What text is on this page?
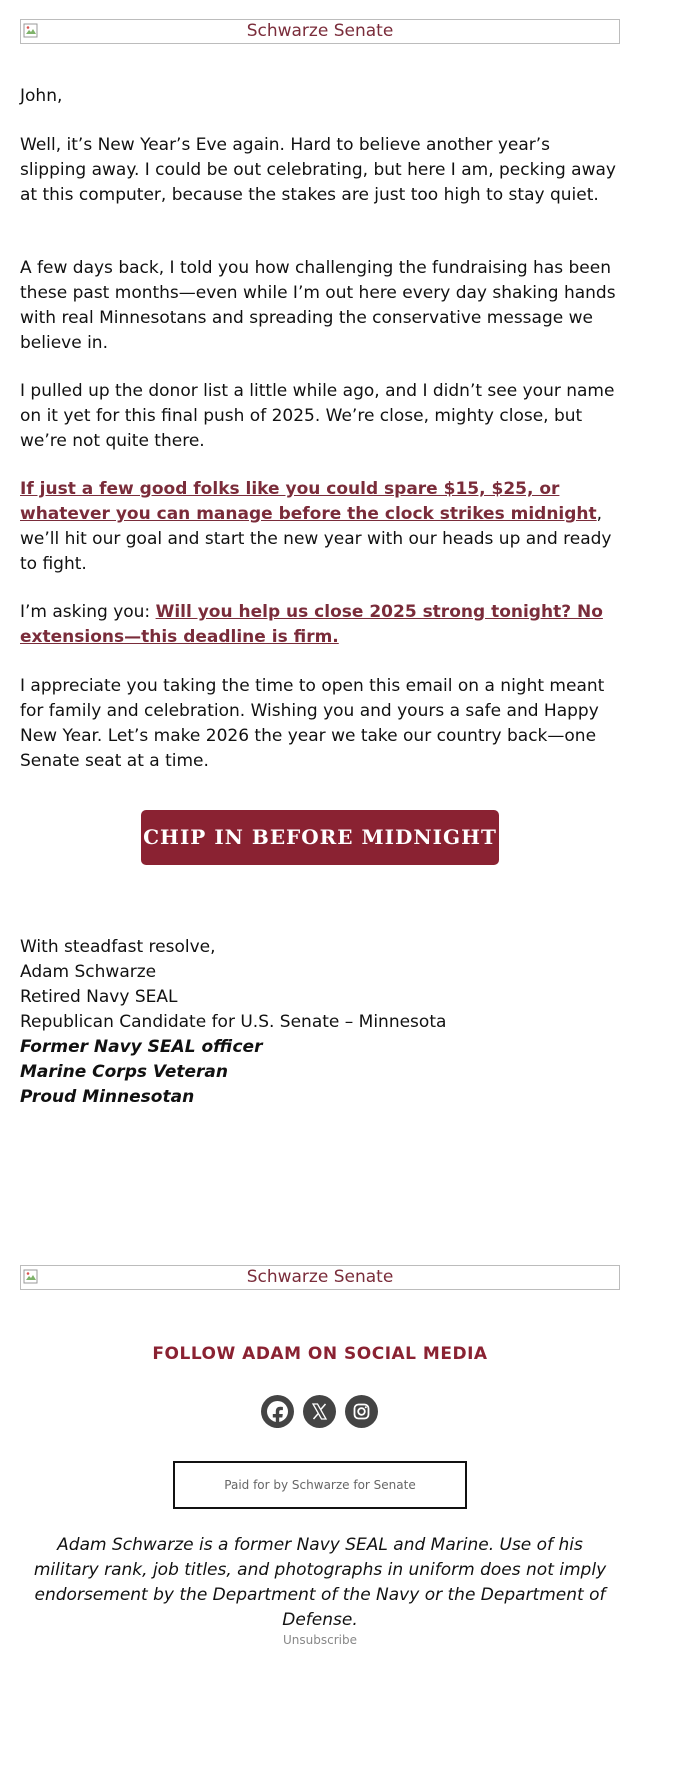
Schwarze Senate

John,

Well, it’s New Year’s Eve again. Hard to believe another year’s slipping away. I could be out celebrating, but here I am, pecking away at this computer, because the stakes are just too high to stay quiet.

A few days back, I told you how challenging the fundraising has been these past months—even while I’m out here every day shaking hands with real Minnesotans and spreading the conservative message we believe in.

I pulled up the donor list a little while ago, and I didn’t see your name on it yet for this final push of 2025. We’re close, mighty close, but we’re not quite there.

If just a few good folks like you could spare $15, $25, or whatever you can manage before the clock strikes midnight, we’ll hit our goal and start the new year with our heads up and ready to fight.

I’m asking you: Will you help us close 2025 strong tonight? No extensions—this deadline is firm.

I appreciate you taking the time to open this email on a night meant for family and celebration. Wishing you and yours a safe and Happy New Year. Let’s make 2026 the year we take our country back—one Senate seat at a time.

CHIP IN BEFORE MIDNIGHT
With steadfast resolve,
Adam Schwarze
Retired Navy SEAL
Republican Candidate for U.S. Senate – Minnesota
Former Navy SEAL officer
Marine Corps Veteran
Proud Minnesotan
Schwarze Senate
FOLLOW ADAM ON SOCIAL MEDIA
Paid for by Schwarze for Senate
Adam Schwarze is a former Navy SEAL and Marine. Use of his military rank, job titles, and photographs in uniform does not imply endorsement by the Department of the Navy or the Department of Defense.
Unsubscribe
